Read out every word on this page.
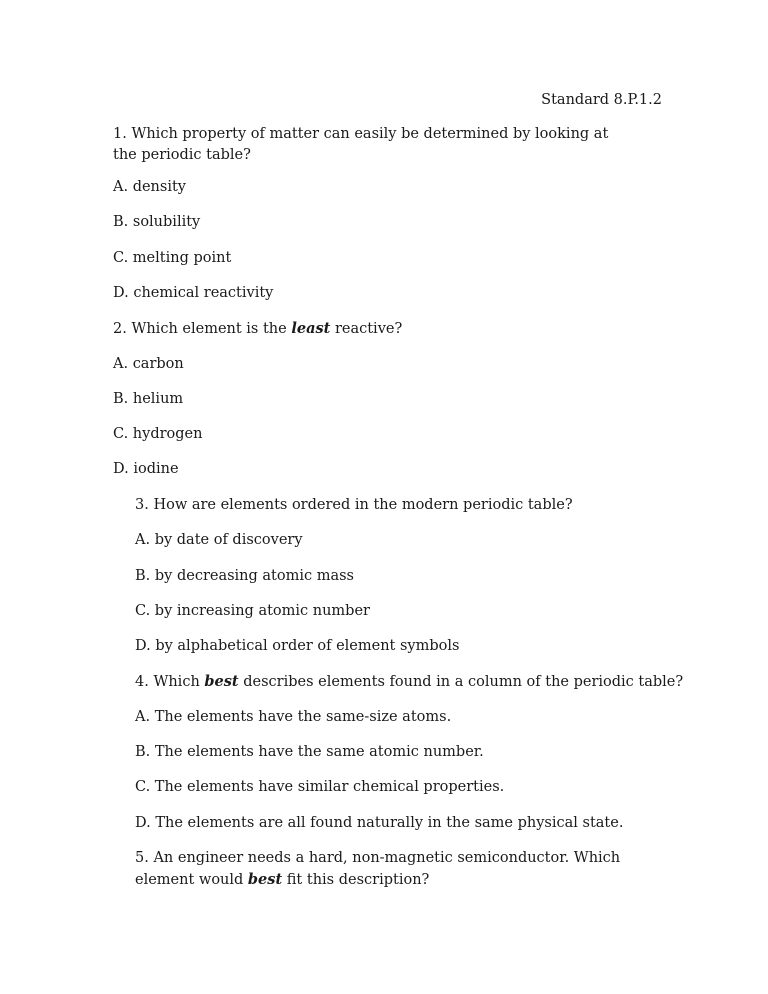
Standard 8.P.1.2

1. Which property of matter can easily be determined by looking at the periodic table?
A. density
B. solubility
C. melting point
D. chemical reactivity
2. Which element is the least reactive?
A. carbon
B. helium
C. hydrogen
D. iodine
3. How are elements ordered in the modern periodic table?
A. by date of discovery
B. by decreasing atomic mass
C. by increasing atomic number
D. by alphabetical order of element symbols
4. Which best describes elements found in a column of the periodic table?
A. The elements have the same-size atoms.
B. The elements have the same atomic number.
C. The elements have similar chemical properties.
D. The elements are all found naturally in the same physical state.
5. An engineer needs a hard, non-magnetic semiconductor. Which element would best fit this description?
